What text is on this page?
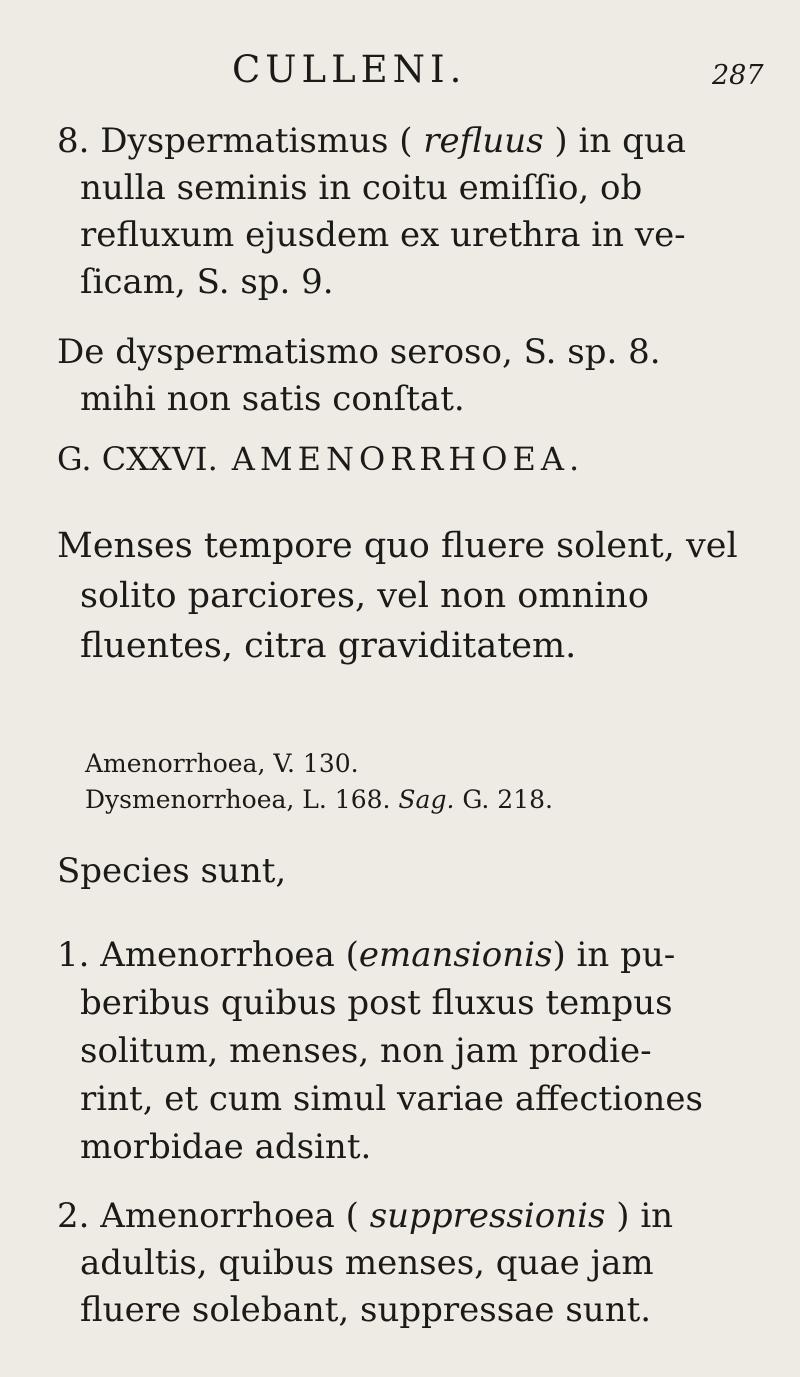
CULLENI.	287
8. Dyspermatismus ( refluus ) in qua
nulla seminis in coitu emiſſio, ob
refluxum ejusdem ex urethra in ve-
ſicam, S. sp. 9.
De dyspermatismo seroso, S. sp. 8.
mihi non satis conſtat.
G. CXXVI. AMENORRHOEA.
Menses tempore quo fluere solent, vel
solito parciores, vel non omnino
fluentes, citra graviditatem.
Amenorrhoea, V. 130.
Dysmenorrhoea, L. 168. Sag. G. 218.
Species sunt,
1. Amenorrhoea (emansionis) in pu-
beribus quibus post fluxus tempus
solitum, menses, non jam prodie-
rint, et cum simul variae affectiones
morbidae adsint.
2. Amenorrhoea ( suppressionis ) in
adultis, quibus menses, quae jam
fluere solebant, suppressae sunt.
